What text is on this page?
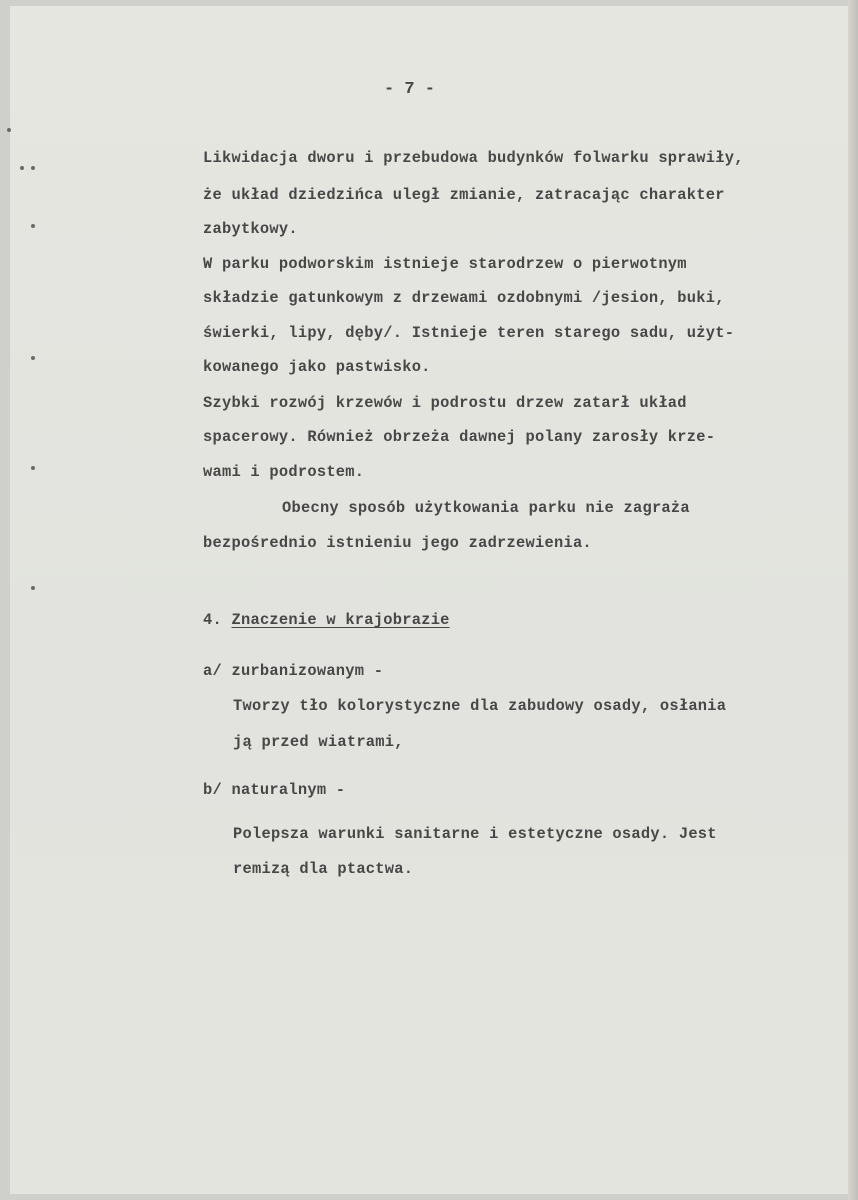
- 7 -
Likwidacja dworu i przebudowa budynków folwarku sprawiły,
że układ dziedzińca uległ zmianie, zatracając charakter
zabytkowy.
W parku podworskim istnieje starodrzew o pierwotnym
składzie gatunkowym z drzewami ozdobnymi /jesion, buki,
świerki, lipy, dęby/. Istnieje teren starego sadu, użyt-
kowanego jako pastwisko.
Szybki rozwój krzewów i podrostu drzew zatarł układ
spacerowy. Również obrzeża dawnej polany zarosły krze-
wami i podrostem.
Obecny sposób użytkowania parku nie zagraża
bezpośrednio istnieniu jego zadrzewienia.
4. Znaczenie w krajobrazie
a/ zurbanizowanym -
Tworzy tło kolorystyczne dla zabudowy osady, osłania
ją przed wiatrami,
b/ naturalnym -
Polepsza warunki sanitarne i estetyczne osady. Jest
remizą dla ptactwa.
